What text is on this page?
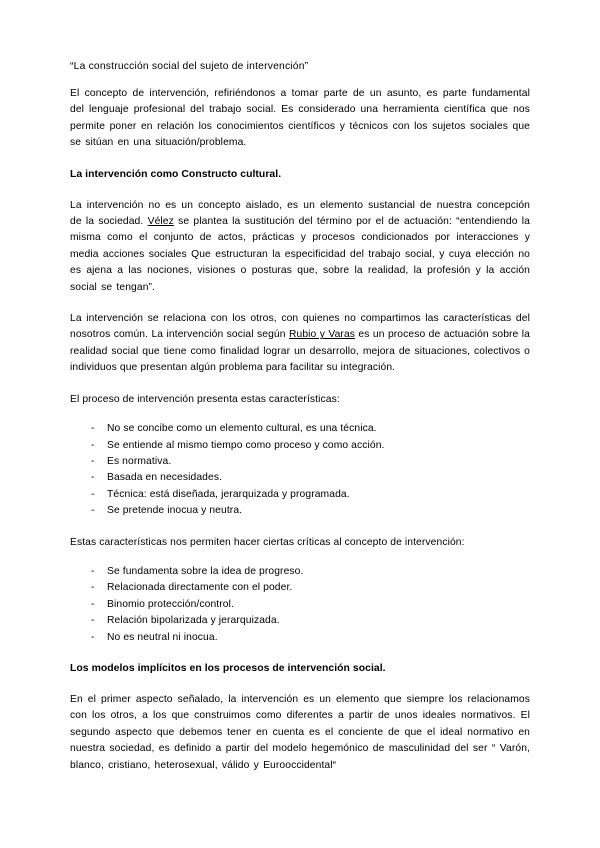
“La construcción social del sujeto de intervención”

El concepto de intervención, refiriéndonos a tomar parte de un asunto, es parte fundamental del lenguaje profesional del trabajo social. Es considerado una herramienta científica que nos permite poner en relación los conocimientos científicos y técnicos con los sujetos sociales que se sitúan en una situación/problema.

La intervención como Constructo cultural.

La intervención no es un concepto aislado, es un elemento sustancial de nuestra concepción de la sociedad. Vélez se plantea la sustitución del término por el de actuación: “entendiendo la misma como el conjunto de actos, prácticas y procesos condicionados por interacciones y media acciones sociales Que estructuran la especificidad del trabajo social, y cuya elección no es ajena a las nociones, visiones o posturas que, sobre la realidad, la profesión y la acción social se tengan”.

La intervención se relaciona con los otros, con quienes no compartimos las características del nosotros común. La intervención social según Rubio y Varas es un proceso de actuación sobre la realidad social que tiene como finalidad lograr un desarrollo, mejora de situaciones, colectivos o individuos que presentan algún problema para facilitar su integración.

El proceso de intervención presenta estas características:

- No se concibe como un elemento cultural, es una técnica.
- Se entiende al mismo tiempo como proceso y como acción.
- Es normativa.
- Basada en necesidades.
- Técnica: está diseñada, jerarquizada y programada.
- Se pretende inocua y neutra.

Estas características nos permiten hacer ciertas críticas al concepto de intervención:

- Se fundamenta sobre la idea de progreso.
- Relacionada directamente con el poder.
- Binomio protección/control.
- Relación bipolarizada y jerarquizada.
- No es neutral ni inocua.
Los modelos implícitos en los procesos de intervención social.

En el primer aspecto señalado, la intervención es un elemento que siempre los relacionamos con los otros, a los que construimos como diferentes a partir de unos ideales normativos. El segundo aspecto que debemos tener en cuenta es el conciente de que el ideal normativo en nuestra sociedad, es definido a partir del modelo hegemónico de masculinidad del ser “ Varón, blanco, cristiano, heterosexual, válido y Eurooccidental“
